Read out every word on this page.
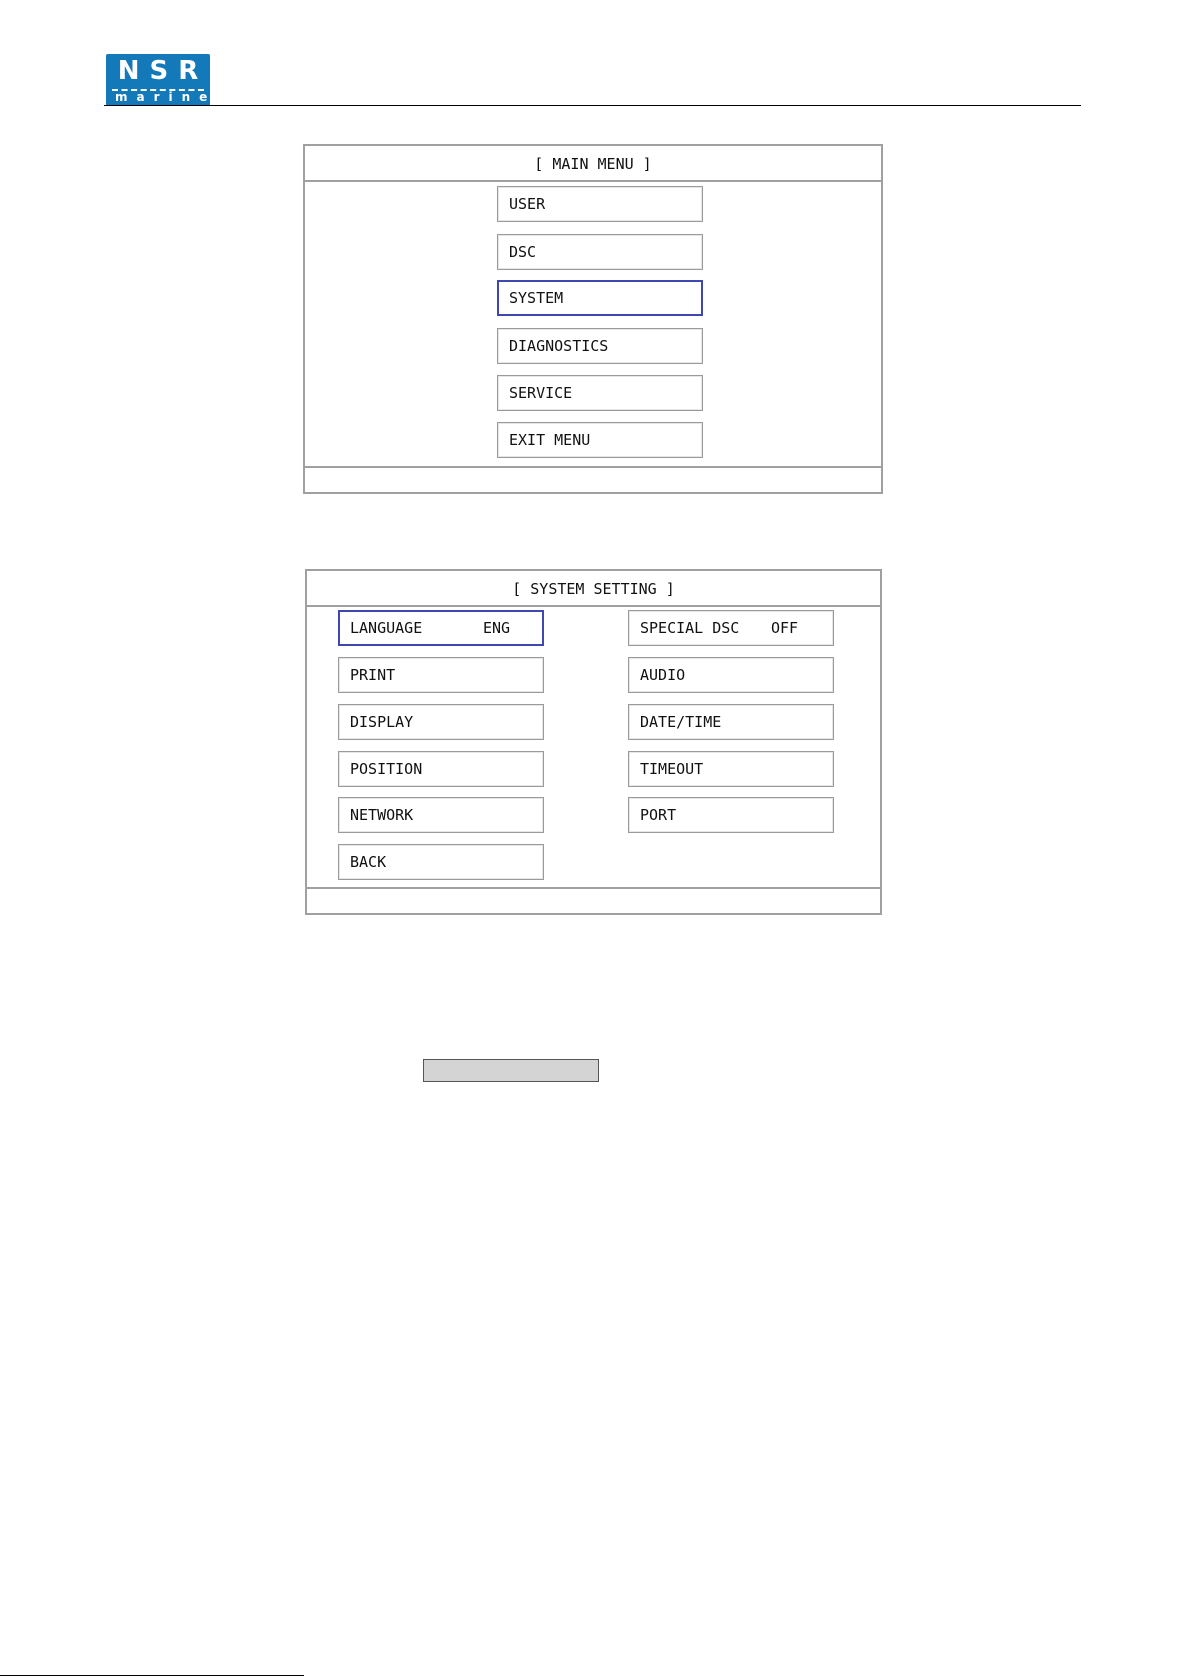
NSR
marine
[ MAIN MENU ]
USER
DSC
SYSTEM
DIAGNOSTICS
SERVICE
EXIT MENU
[ SYSTEM SETTING ]
LANGUAGE	ENG
PRINT
DISPLAY
POSITION
NETWORK
BACK
SPECIAL DSC OFF
AUDIO
DATE/TIME
TIMEOUT
PORT
